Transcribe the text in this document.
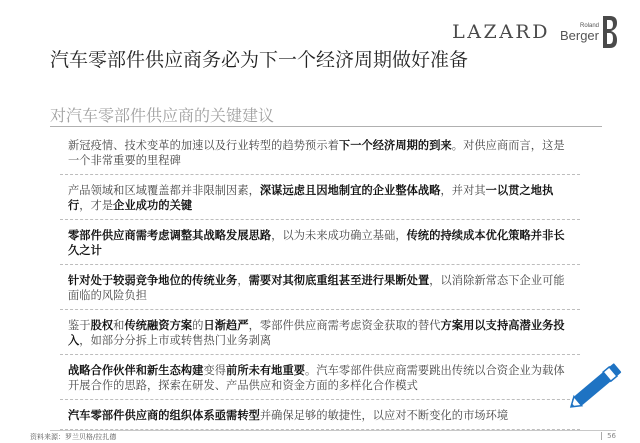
LAZARD	Roland
Berger
汽车零部件供应商务必为下一个经济周期做好准备
对汽车零部件供应商的关键建议
新冠疫情、技术变革的加速以及行业转型的趋势预示着下一个经济周期的到来。对供应商而言，这是一个非常重要的里程碑
产品领域和区域覆盖都并非限制因素，深谋远虑且因地制宜的企业整体战略，并对其一以贯之地执行，才是企业成功的关键
零部件供应商需考虑调整其战略发展思路，以为未来成功确立基础，传统的持续成本优化策略并非长久之计
针对处于较弱竞争地位的传统业务，需要对其彻底重组甚至进行果断处置，以消除新常态下企业可能面临的风险负担
鉴于股权和传统融资方案的日渐趋严，零部件供应商需考虑资金获取的替代方案用以支持高潜业务投入，如部分分拆上市或转售热门业务剥离
战略合作伙伴和新生态构建变得前所未有地重要。汽车零部件供应商需要跳出传统以合资企业为载体开展合作的思路，探索在研发、产品供应和资金方面的多样化合作模式
汽车零部件供应商的组织体系亟需转型并确保足够的敏捷性，以应对不断变化的市场环境
资料来源：罗兰贝格/拉扎德	56
